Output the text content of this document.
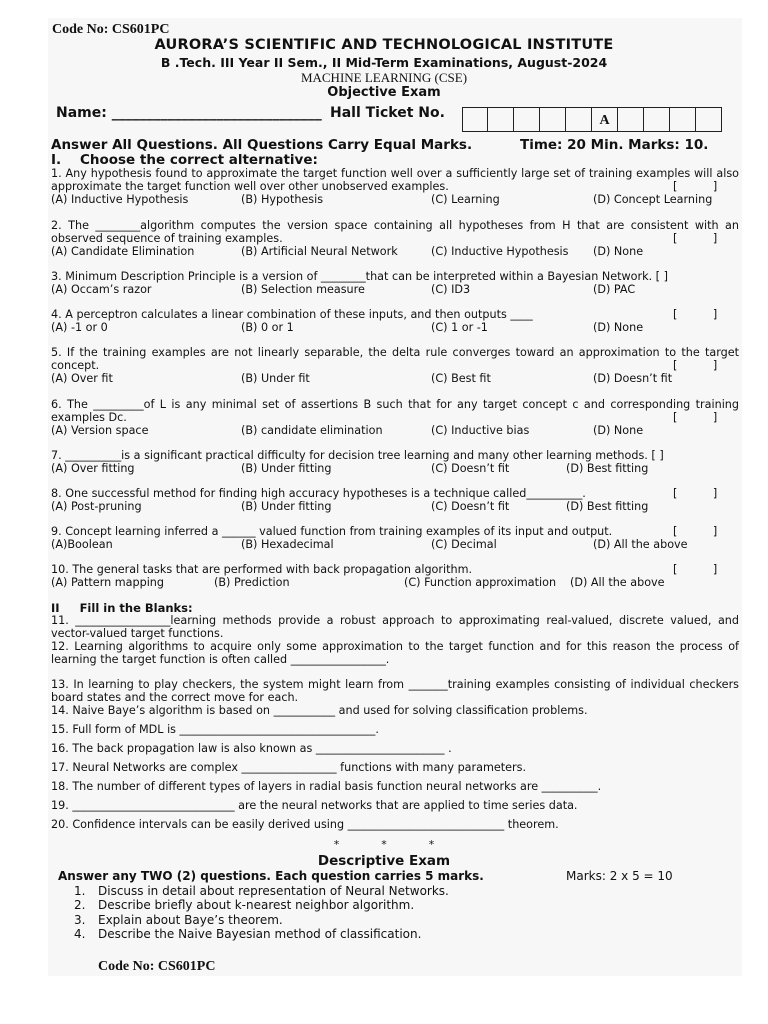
Code No: CS601PC
AURORA’S SCIENTIFIC AND TECHNOLOGICAL INSTITUTE
B .Tech. III Year II Sem., II Mid-Term Examinations, August-2024
MACHINE LEARNING (CSE)
Objective Exam
Name: ______________________________ Hall Ticket No.	A
Answer All Questions. All Questions Carry Equal Marks.	Time: 20 Min. Marks: 10.
I.    Choose the correct alternative:
1. Any hypothesis found to approximate the target function well over a sufficiently large set of training examples will also approximate the target function well over other unobserved examples.	[          ]
(A) Inductive Hypothesis	(B) Hypothesis	(C) Learning	(D) Concept Learning
2. The ________algorithm computes the version space containing all hypotheses from H that are consistent with an observed sequence of training examples.	[          ]
(A) Candidate Elimination	(B) Artificial Neural Network	(C) Inductive Hypothesis (D) None
3. Minimum Description Principle is a version of ________that can be interpreted within a Bayesian Network. [ ]
(A) Occam’s razor	(B) Selection measure	(C) ID3	(D) PAC
4. A perceptron calculates a linear combination of these inputs, and then outputs ____	[          ]
(A) -1 or 0	(B) 0 or 1	(C) 1 or -1	(D) None
5. If the training examples are not linearly separable, the delta rule converges toward an approximation to the target concept.	[          ]
(A) Over fit	(B) Under fit	(C) Best fit	(D) Doesn’t fit
6. The _________of L is any minimal set of assertions B such that for any target concept c and corresponding training examples Dc.	[          ]
(A) Version space	(B) candidate elimination	(C) Inductive bias	(D) None
7. __________is a significant practical difficulty for decision tree learning and many other learning methods. [ ]
(A) Over fitting	(B) Under fitting	(C) Doesn’t fit	(D) Best fitting
8. One successful method for finding high accuracy hypotheses is a technique called__________.	[          ]
(A) Post-pruning	(B) Under fitting	(C) Doesn’t fit	(D) Best fitting
9. Concept learning inferred a ______ valued function from training examples of its input and output.	[          ]
(A)Boolean	(B) Hexadecimal	(C) Decimal	(D) All the above
10. The general tasks that are performed with back propagation algorithm.	[          ]
(A) Pattern mapping	(B) Prediction	(C) Function approximation (D) All the above
II     Fill in the Blanks:
11. _________________learning methods provide a robust approach to approximating real-valued, discrete valued, and vector-valued target functions.
12. Learning algorithms to acquire only some approximation to the target function and for this reason the process of learning the target function is often called _________________.
13. In learning to play checkers, the system might learn from _______training examples consisting of individual checkers board states and the correct move for each.
14. Naive Baye’s algorithm is based on ___________ and used for solving classification problems.
15. Full form of MDL is ___________________________________.
16. The back propagation law is also known as _______________________ .
17. Neural Networks are complex _________________ functions with many parameters.
18. The number of different types of layers in radial basis function neural networks are __________.
19. _____________________________ are the neural networks that are applied to time series data.
20. Confidence intervals can be easily derived using ____________________________ theorem.
*            *            *
Descriptive Exam
Answer any TWO (2) questions. Each question carries 5 marks.	Marks: 2 x 5 = 10
1. Discuss in detail about representation of Neural Networks.
2. Describe briefly about k-nearest neighbor algorithm.
3. Explain about Baye’s theorem.
4. Describe the Naive Bayesian method of classification.
Code No: CS601PC
